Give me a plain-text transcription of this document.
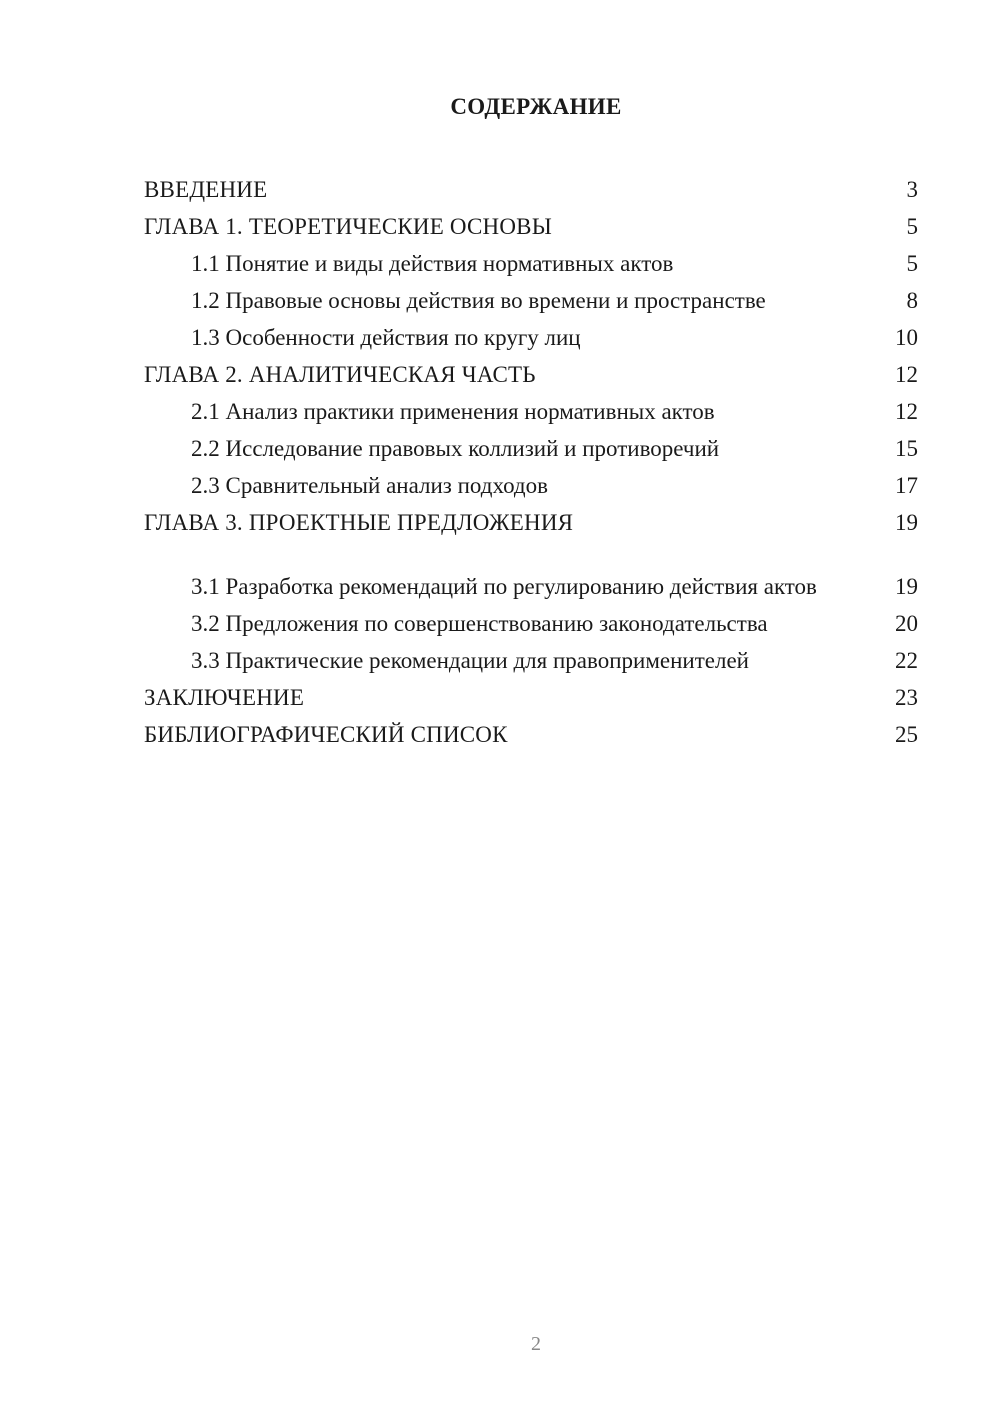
СОДЕРЖАНИЕ
ВВЕДЕНИЕ	3
ГЛАВА 1. ТЕОРЕТИЧЕСКИЕ ОСНОВЫ	5
1.1 Понятие и виды действия нормативных актов	5
1.2 Правовые основы действия во времени и пространстве	8
1.3 Особенности действия по кругу лиц	10
ГЛАВА 2. АНАЛИТИЧЕСКАЯ ЧАСТЬ	12
2.1 Анализ практики применения нормативных актов	12
2.2 Исследование правовых коллизий и противоречий	15
2.3 Сравнительный анализ подходов	17
ГЛАВА 3. ПРОЕКТНЫЕ ПРЕДЛОЖЕНИЯ	19
3.1 Разработка рекомендаций по регулированию действия актов	19
3.2 Предложения по совершенствованию законодательства	20
3.3 Практические рекомендации для правоприменителей	22
ЗАКЛЮЧЕНИЕ	23
БИБЛИОГРАФИЧЕСКИЙ СПИСОК	25
2
